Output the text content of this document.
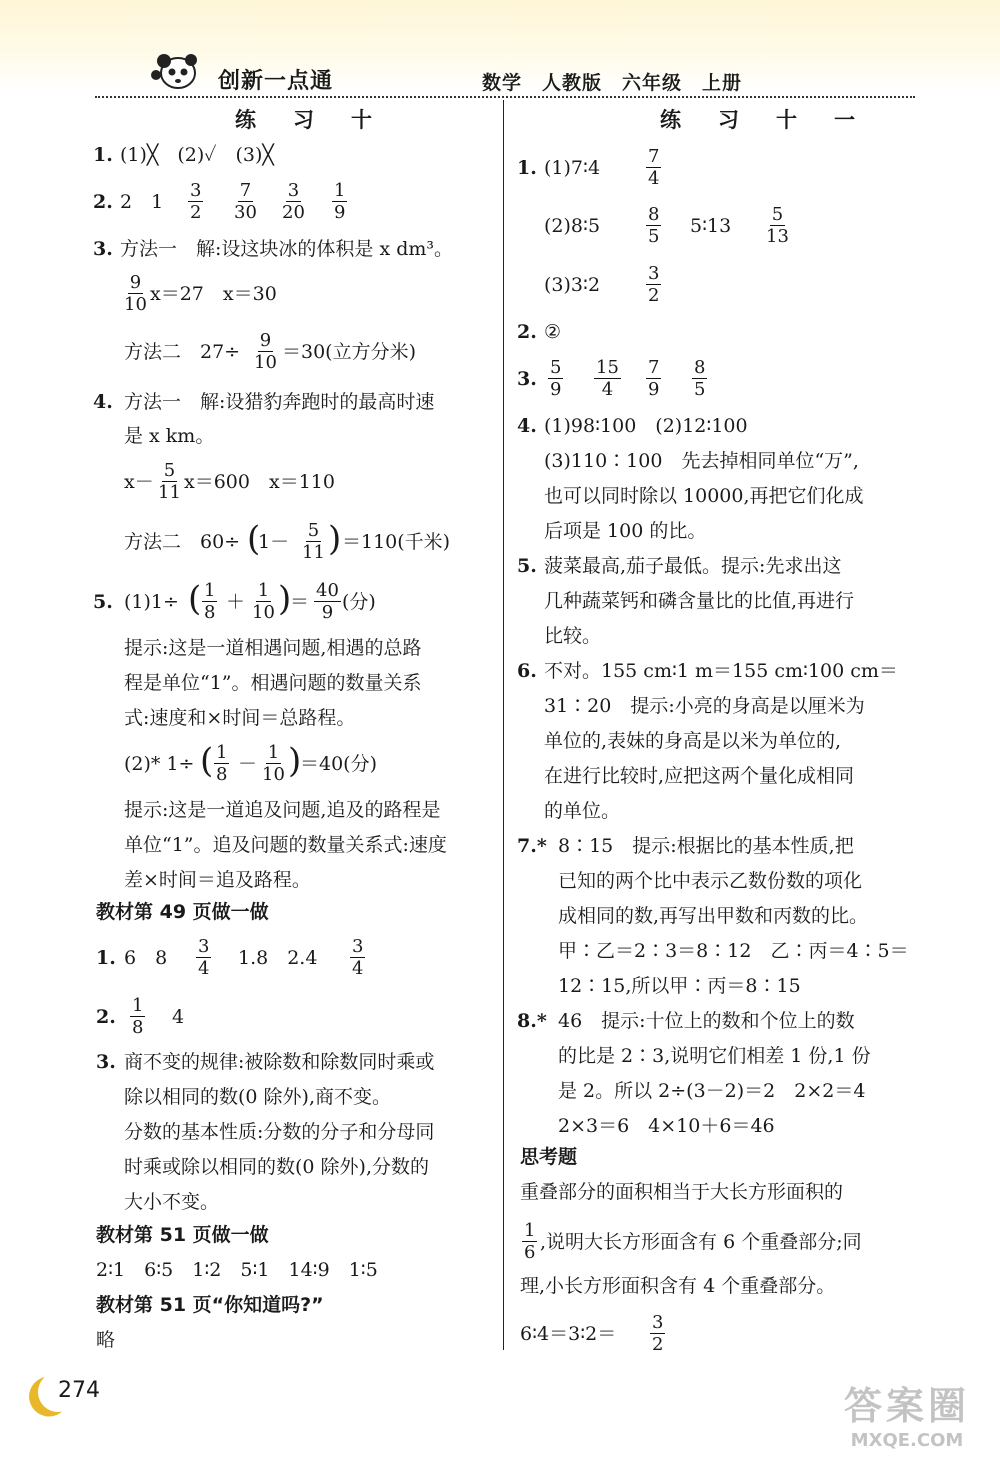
创新一点通	数学　人教版　六年级　上册
练　习　十
1. (1)╳　(2)✓　(3)╳
2. 2　$1 \frac{3}{2} \frac{7}{30} \frac{3}{20} \frac{1}{9}$
3. 方法一　解:设这块冰的体积是 x dm³。
$\frac{9}{10} x=27$　x＝30
方法二　$27\div \frac{9}{10} =30$(立方分米)
4. 方法一　解:设猎豹奔跑时的最高时速
是 x km。
$x- \frac{5}{11} x=600$　x＝110
方法二　60÷ (
$1- \frac{5}{11}$ ) ＝110(千米)
5. (1)1÷ ( $\frac{1}{8} + \frac{1}{10}$ )
＝ $\frac{40}{9}$ (分)
提示:这是一道相遇问题,相遇的总路
程是单位“1”。相遇问题的数量关系
式:速度和×时间＝总路程。
(2)* 1÷ ( $\frac{1}{8} - \frac{1}{10}$ )
＝40(分)
提示:这是一道追及问题,追及的路程是
单位“1”。追及问题的数量关系式:速度
差×时间＝追及路程。
教材第 49 页做一做
1. 6　$8 \frac{3}{4} 1.8$　$2.4 \frac{3}{4}$
2. $\frac{1}{8} 4$
3. 商不变的规律:被除数和除数同时乘或
除以相同的数(0 除外),商不变。
分数的基本性质:分数的分子和分母同
时乘或除以相同的数(0 除外),分数的
大小不变。
教材第 51 页做一做
2∶1　6∶5　1∶2　5∶1　14∶9　1∶5
教材第 51 页“你知道吗?”
略
练　习　十　一
1. (1)7∶4	$\frac{7}{4}$
(2)8∶5	$\frac{8}{5}$ 5∶13 $\frac{5}{13}$
(3)3∶2	$\frac{3}{2}$
2. ②
3. $\frac{5}{9} \frac{15}{4} \frac{7}{9} \frac{8}{5}$
4. (1)98∶100　(2)12∶100
(3)110∶100　先去掉相同单位“万”,
也可以同时除以 10000,再把它们化成
后项是 100 的比。
5. 菠菜最高,茄子最低。提示:先求出这
几种蔬菜钙和磷含量比的比值,再进行
比较。
6. 不对。155 cm∶1 m＝155 cm∶100 cm＝
31∶20　提示:小亮的身高是以厘米为
单位的,表妹的身高是以米为单位的,
在进行比较时,应把这两个量化成相同
的单位。
7.* 8∶15　提示:根据比的基本性质,把
已知的两个比中表示乙数份数的项化
成相同的数,再写出甲数和丙数的比。
甲∶乙＝2∶3＝8∶12　乙∶丙＝4∶5＝
12∶15,所以甲∶丙＝8∶15
8.* 46　提示:十位上的数和个位上的数
的比是 2∶3,说明它们相差 1 份,1 份
是 2。所以 2÷(3－2)＝2　2×2＝4
2×3＝6　4×10＋6＝46
思考题
重叠部分的面积相当于大长方形面积的
$\frac{1}{6}$ ,说明大长方形面含有 6 个重叠部分;同
理,小长方形面积含有 4 个重叠部分。
6∶4＝3∶2＝ $\frac{3}{2}$
274	答案圈
MXQE.COM
